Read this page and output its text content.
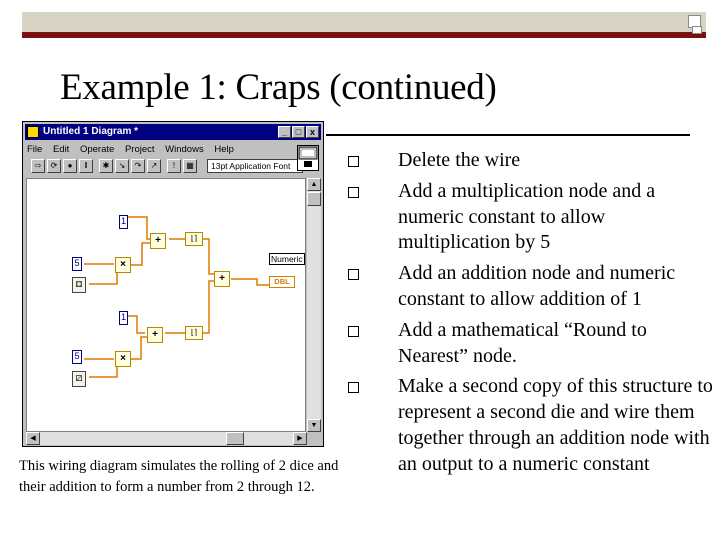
Example 1: Craps (continued)
Untitled 1 Diagram *	_ □ x
File Edit Operate Project Windows Help
⇨	⟳	●	‖	✱	↘	↷	↗	!	▦	13pt Application Font
1
5
1
5
+
×
⌊⌉
+
+
×
⌊⌉
⚃
⚂
Numeric
DBL
▲
▼
◀	▶

This wiring diagram simulates the rolling of 2 dice and their addition to form a number from 2 through 12.

Delete the wire
Add a multiplication node and a numeric constant to allow multiplication by 5
Add an addition node and numeric constant to allow addition of 1
Add a mathematical “Round to Nearest” node.
Make a second copy of this structure to represent a second die and wire them together through an addition node with an output to a numeric constant
